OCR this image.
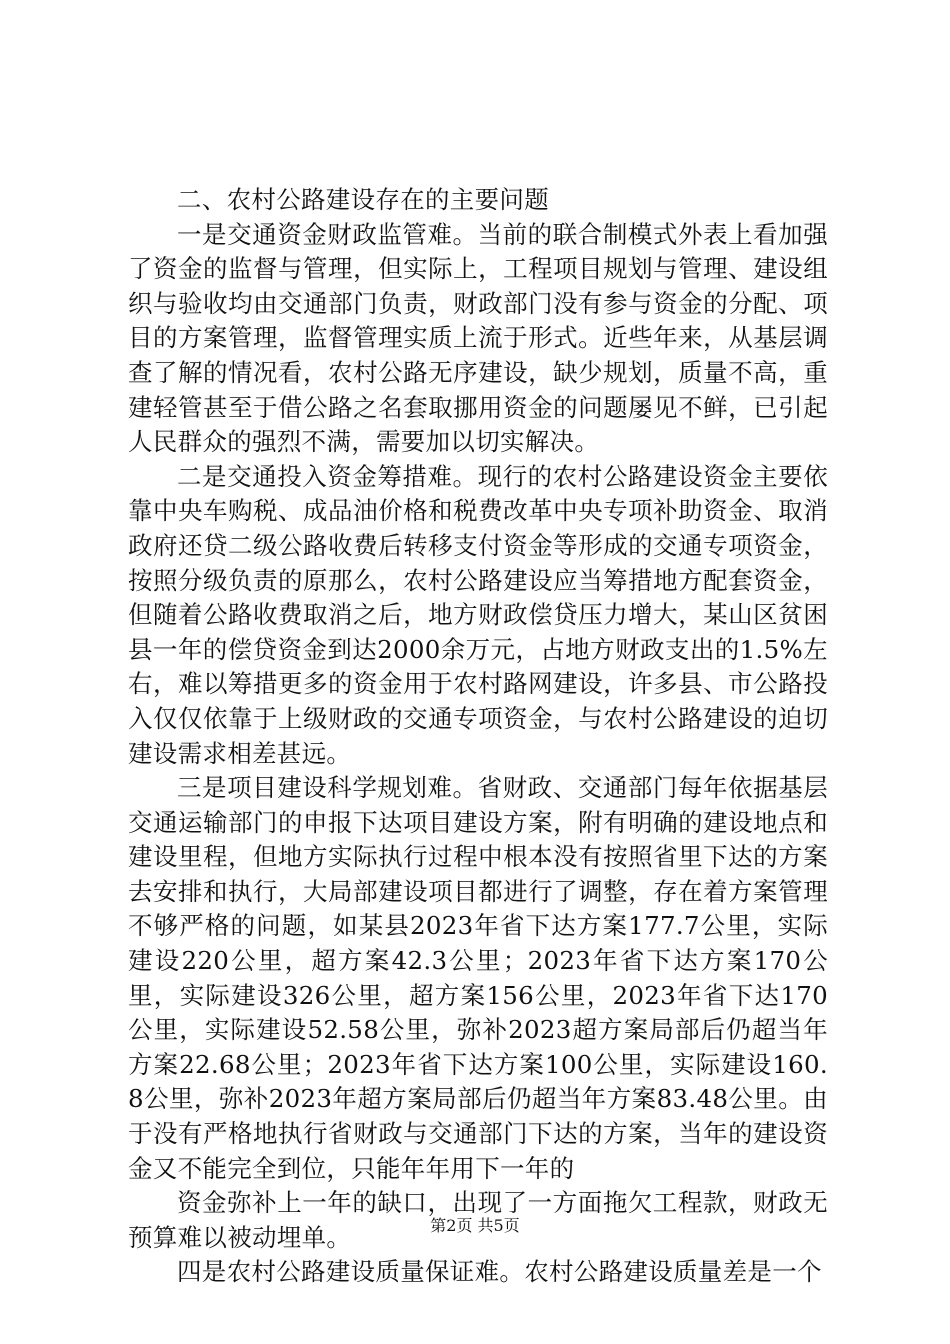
二、农村公路建设存在的主要问题

一是交通资金财政监管难。当前的联合制模式外表上看加强了资金的监督与管理，但实际上，工程项目规划与管理、建设组织与验收均由交通部门负责，财政部门没有参与资金的分配、项目的方案管理，监督管理实质上流于形式。近些年来，从基层调查了解的情况看，农村公路无序建设，缺少规划，质量不高，重建轻管甚至于借公路之名套取挪用资金的问题屡见不鲜，已引起人民群众的强烈不满，需要加以切实解决。

二是交通投入资金筹措难。现行的农村公路建设资金主要依靠中央车购税、成品油价格和税费改革中央专项补助资金、取消政府还贷二级公路收费后转移支付资金等形成的交通专项资金，按照分级负责的原那么，农村公路建设应当筹措地方配套资金，但随着公路收费取消之后，地方财政偿贷压力增大，某山区贫困县一年的偿贷资金到达2000余万元，占地方财政支出的1.5%左右，难以筹措更多的资金用于农村路网建设，许多县、市公路投入仅仅依靠于上级财政的交通专项资金，与农村公路建设的迫切建设需求相差甚远。

三是项目建设科学规划难。省财政、交通部门每年依据基层交通运输部门的申报下达项目建设方案，附有明确的建设地点和建设里程，但地方实际执行过程中根本没有按照省里下达的方案去安排和执行，大局部建设项目都进行了调整，存在着方案管理不够严格的问题，如某县2023年省下达方案177.7公里，实际建设220公里，超方案42.3公里；2023年省下达方案170公里，实际建设326公里，超方案156公里，2023年省下达170公里，实际建设52.58公里，弥补2023超方案局部后仍超当年方案22.68公里；2023年省下达方案100公里，实际建设160.8公里，弥补2023年超方案局部后仍超当年方案83.48公里。由于没有严格地执行省财政与交通部门下达的方案，当年的建设资金又不能完全到位，只能年年用下一年的

资金弥补上一年的缺口，出现了一方面拖欠工程款，财政无预算难以被动埋单。

四是农村公路建设质量保证难。农村公路建设质量差是一个

第2页 共5页
